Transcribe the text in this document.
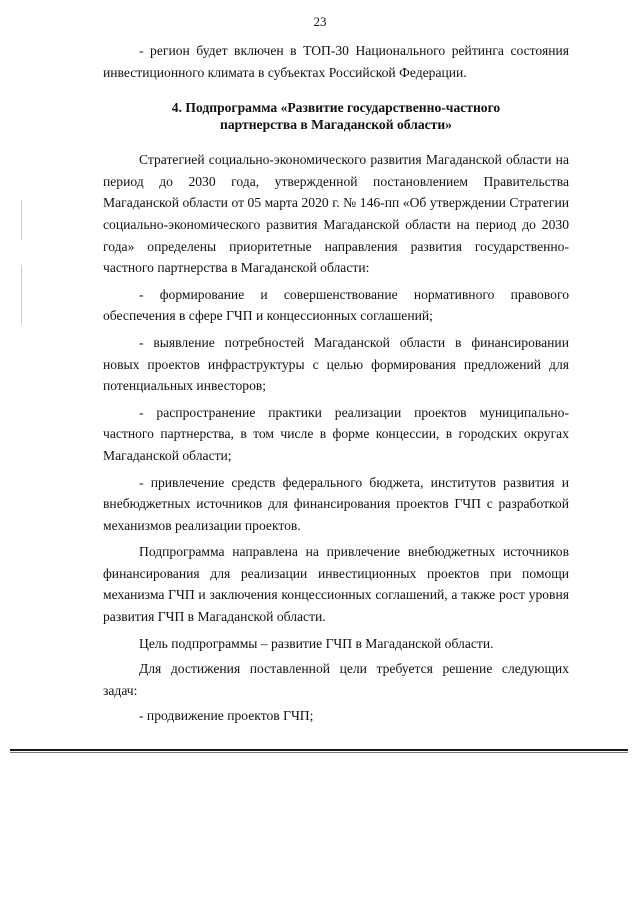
23

- регион будет включен в ТОП-30 Национального рейтинга состояния инвестиционного климата в субъектах Российской Федерации.

4. Подпрограмма «Развитие государственно-частного
партнерства в Магаданской области»

Стратегией социально-экономического развития Магаданской области на период до 2030 года, утвержденной постановлением Правительства Магаданской области от 05 марта 2020 г. № 146-пп «Об утверждении Стратегии социально-экономического развития Магаданской области на период до 2030 года» определены приоритетные направления развития государственно-частного партнерства в Магаданской области:

- формирование и совершенствование нормативного правового обеспечения в сфере ГЧП и концессионных соглашений;

- выявление потребностей Магаданской области в финансировании новых проектов инфраструктуры с целью формирования предложений для потенциальных инвесторов;

- распространение практики реализации проектов муниципально-частного партнерства, в том числе в форме концессии, в городских округах Магаданской области;

- привлечение средств федерального бюджета, институтов развития и внебюджетных источников для финансирования проектов ГЧП с разработкой механизмов реализации проектов.

Подпрограмма направлена на привлечение внебюджетных источников финансирования для реализации инвестиционных проектов при помощи механизма ГЧП и заключения концессионных соглашений, а также рост уровня развития ГЧП в Магаданской области.

Цель подпрограммы – развитие ГЧП в Магаданской области.

Для достижения поставленной цели требуется решение следующих задач:

- продвижение проектов ГЧП;
